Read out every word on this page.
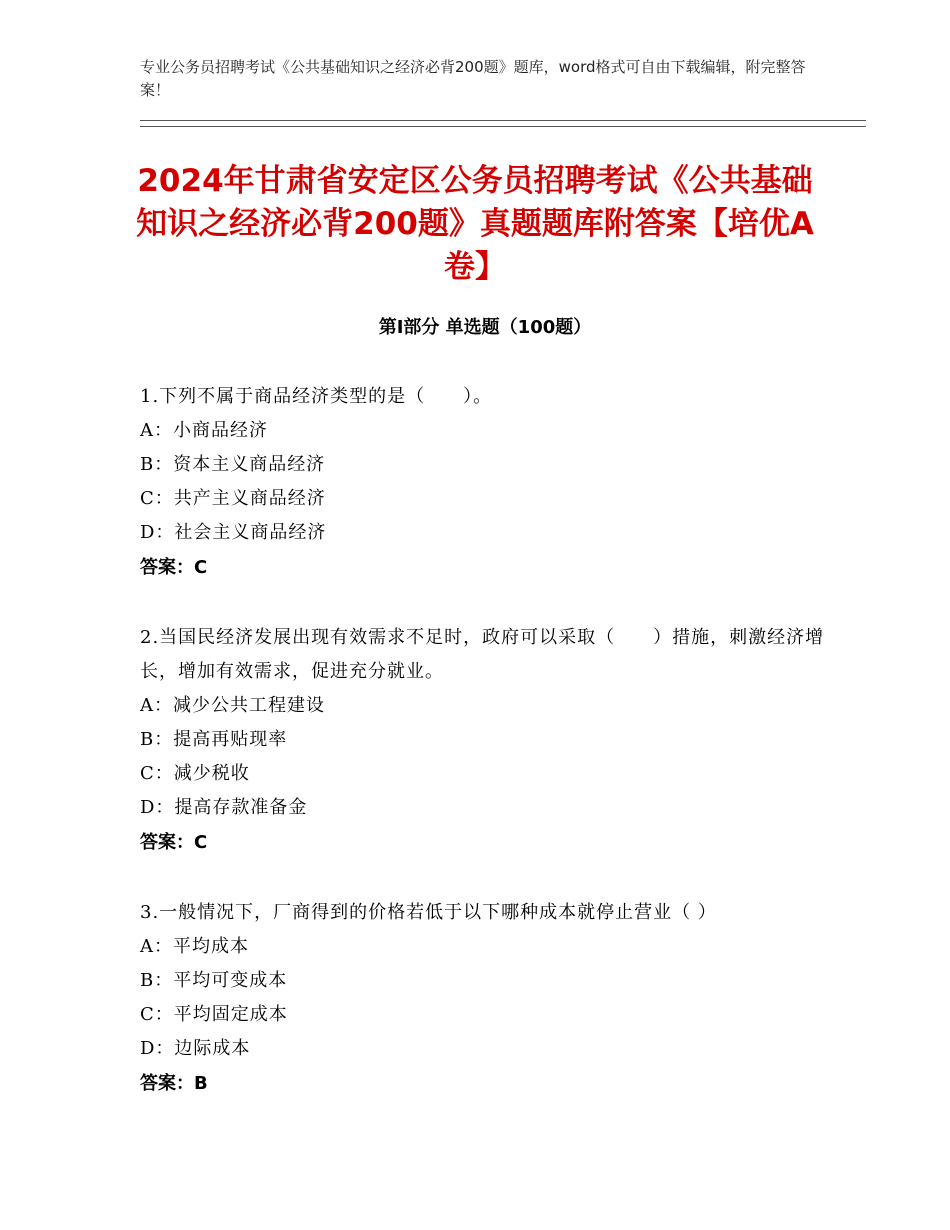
专业公务员招聘考试《公共基础知识之经济必背200题》题库，word格式可自由下载编辑，附完整答案！
2024年甘肃省安定区公务员招聘考试《公共基础知识之经济必背200题》真题题库附答案【培优A卷】
第Ⅰ部分 单选题（100题）
1.下列不属于商品经济类型的是（　　）。
A：小商品经济
B：资本主义商品经济
C：共产主义商品经济
D：社会主义商品经济
答案：C
2.当国民经济发展出现有效需求不足时，政府可以采取（　　）措施，刺激经济增长，增加有效需求，促进充分就业。
A：减少公共工程建设
B：提高再贴现率
C：减少税收
D：提高存款准备金
答案：C
3.一般情况下，厂商得到的价格若低于以下哪种成本就停止营业（ ）
A：平均成本
B：平均可变成本
C：平均固定成本
D：边际成本
答案：B
